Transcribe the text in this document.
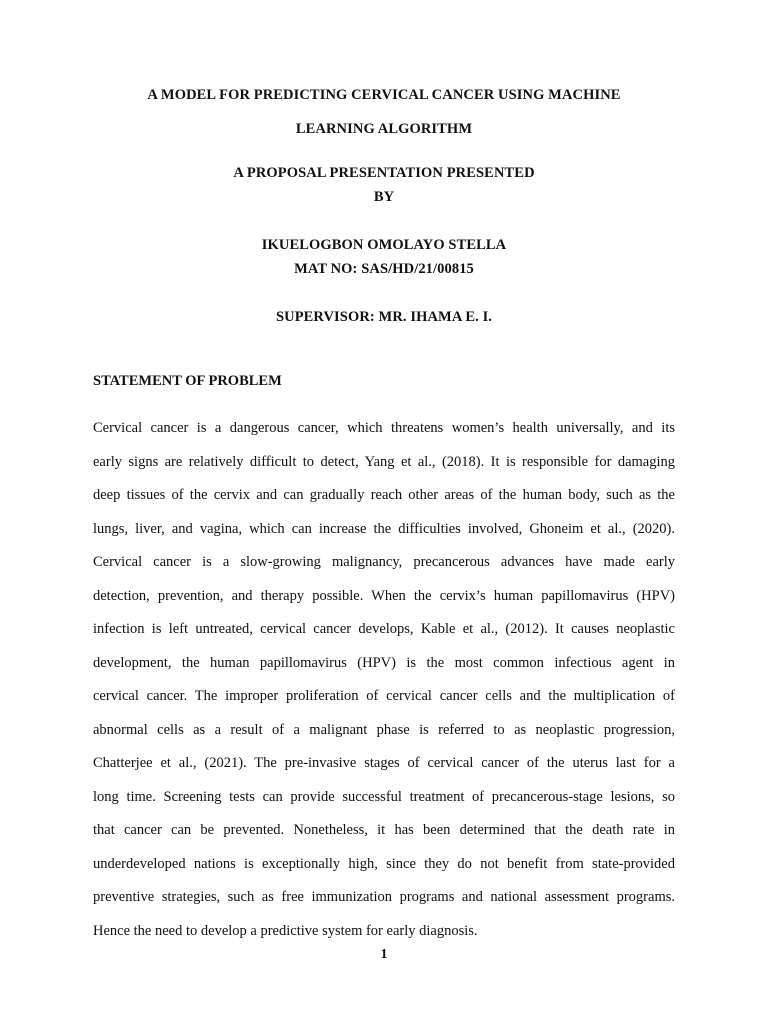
A MODEL FOR PREDICTING CERVICAL CANCER USING MACHINE
LEARNING ALGORITHM
A PROPOSAL PRESENTATION PRESENTED
BY
IKUELOGBON OMOLAYO STELLA
MAT NO: SAS/HD/21/00815
SUPERVISOR: MR. IHAMA E. I.
STATEMENT OF PROBLEM
Cervical cancer is a dangerous cancer, which threatens women’s health universally, and its
early signs are relatively difficult to detect, Yang et al., (2018). It is responsible for damaging
deep tissues of the cervix and can gradually reach other areas of the human body, such as the
lungs, liver, and vagina, which can increase the difficulties involved, Ghoneim et al., (2020).
Cervical cancer is a slow-growing malignancy, precancerous advances have made early
detection, prevention, and therapy possible. When the cervix’s human papillomavirus (HPV)
infection is left untreated, cervical cancer develops, Kable et al., (2012). It causes neoplastic
development, the human papillomavirus (HPV) is the most common infectious agent in
cervical cancer. The improper proliferation of cervical cancer cells and the multiplication of
abnormal cells as a result of a malignant phase is referred to as neoplastic progression,
Chatterjee et al., (2021). The pre-invasive stages of cervical cancer of the uterus last for a
long time. Screening tests can provide successful treatment of precancerous-stage lesions, so
that cancer can be prevented. Nonetheless, it has been determined that the death rate in
underdeveloped nations is exceptionally high, since they do not benefit from state-provided
preventive strategies, such as free immunization programs and national assessment programs.
Hence the need to develop a predictive system for early diagnosis.
1
